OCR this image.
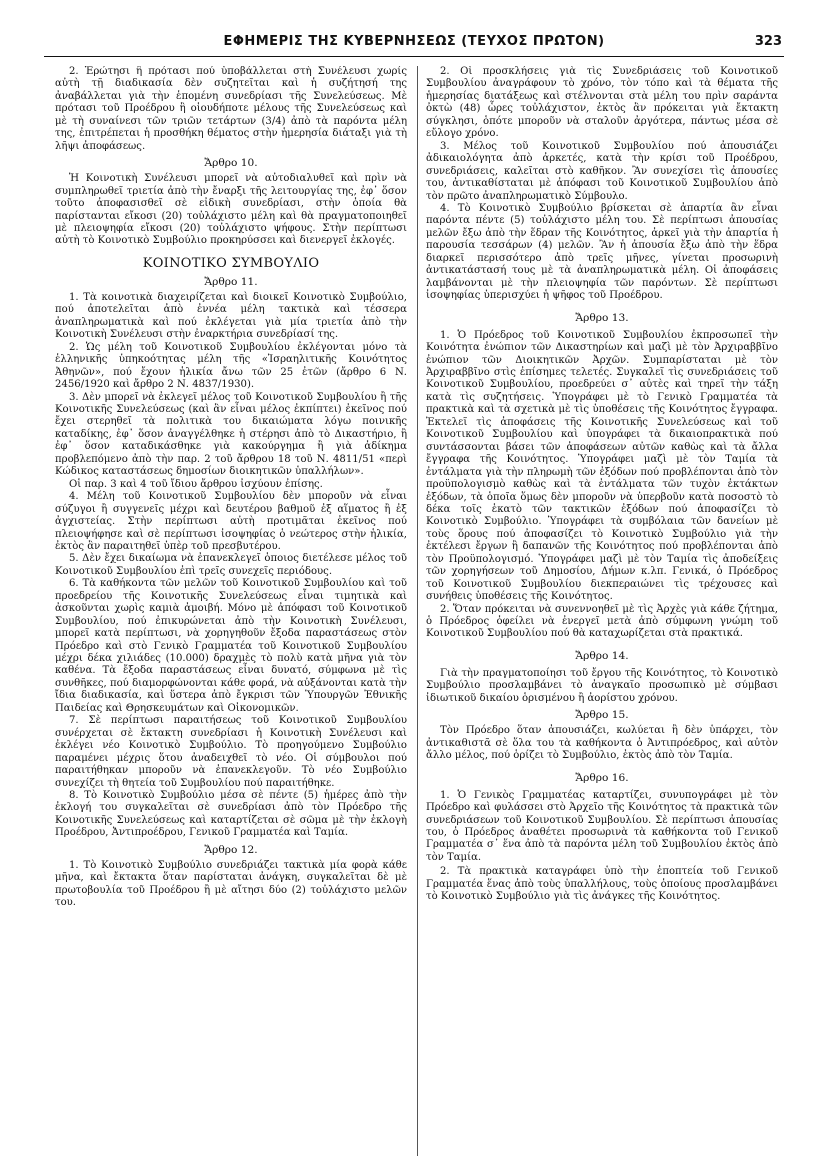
ΕΦΗΜΕΡΙΣ ΤΗΣ ΚΥΒΕΡΝΗΣΕΩΣ (ΤΕΥΧΟΣ ΠΡΩΤΟΝ)	323

2. Ἐρώτησι ἢ πρότασι πού ὑποβάλλεται στὴ Συνέλευσι χωρίς αὐτὴ τῇ διαδικασία δὲν συζητεῖται καὶ ἡ συζήτησή της ἀναβάλλεται γιὰ τὴν ἑπομένη συνεδρίασι τῆς Συνελεύσεως. Μὲ πρότασι τοῦ Προέδρου ἢ οἱουδήποτε μέλους τῆς Συνελεύσεως καὶ μὲ τὴ συναίνεσι τῶν τριῶν τετάρτων (3/4) ἀπὸ τὰ παρόντα μέλη της, ἐπιτρέπεται ἡ προσθήκη θέματος στὴν ἡμερησία διάταξι γιὰ τὴ λῆψι ἀποφάσεως.

Ἄρθρο 10.

Ἡ Κοινοτικὴ Συνέλευσι μπορεῖ νὰ αὐτοδιαλυθεῖ καὶ πρὶν νὰ συμπληρωθεῖ τριετία ἀπὸ τὴν ἔναρξι τῆς λειτουργίας της, ἐφ᾽ ὅσον τοῦτο ἀποφασισθεῖ σὲ εἰδικὴ συνεδρίασι, στὴν ὁποία θὰ παρίστανται εἴκοσι (20) τοὐλάχιστο μέλη καὶ θὰ πραγματοποιηθεῖ μὲ πλειοψηφία εἴκοσι (20) τοὐλάχιστο ψήφους. Στὴν περίπτωσι αὐτὴ τὸ Κοινοτικὸ Συμβούλιο προκηρύσσει καὶ διενεργεῖ ἐκλογές.

ΚΟΙΝΟΤΙΚΟ ΣΥΜΒΟΥΛΙΟ
Ἄρθρο 11.

1. Τὰ κοινοτικὰ διαχειρίζεται καὶ διοικεῖ Κοινοτικὸ Συμβούλιο, πού ἀποτελεῖται ἀπὸ ἐννέα μέλη τακτικὰ καὶ τέσσερα ἀναπληρωματικὰ καὶ πού ἐκλέγεται γιὰ μία τριετία ἀπὸ τὴν Κοινοτικὴ Συνέλευσι στὴν ἐναρκτήρια συνεδρίασί της.

2. Ὡς μέλη τοῦ Κοινοτικοῦ Συμβουλίου ἐκλέγονται μόνο τὰ ἑλληνικῆς ὑπηκοότητας μέλη τῆς «Ἰσραηλιτικῆς Κοινότητος Ἀθηνῶν», πού ἔχουν ἡλικία ἄνω τῶν 25 ἐτῶν (ἄρθρο 6 Ν. 2456/1920 καὶ ἄρθρο 2 Ν. 4837/1930).

3. Δὲν μπορεῖ νὰ ἐκλεγεῖ μέλος τοῦ Κοινοτικοῦ Συμβουλίου ἢ τῆς Κοινοτικῆς Συνελεύσεως (καὶ ἂν εἶναι μέλος ἐκπίπτει) ἐκεῖνος πού ἔχει στερηθεῖ τὰ πολιτικὰ του δικαιώματα λόγω ποινικῆς καταδίκης, ἐφ᾽ ὅσον ἀναγγέλθηκε ἡ στέρησι ἀπὸ τὸ Δικαστήριο, ἢ ἐφ᾽ ὅσον καταδικάσθηκε γιὰ κακούργημα ἢ γιὰ ἀδίκημα προβλεπόμενο ἀπὸ τὴν παρ. 2 τοῦ ἄρθρου 18 τοῦ Ν. 4811/51 «περὶ Κώδικος καταστάσεως δημοσίων διοικητικῶν ὑπαλλήλων».

Οἱ παρ. 3 καὶ 4 τοῦ ἴδιου ἄρθρου ἰσχύουν ἐπίσης.

4. Μέλη τοῦ Κοινοτικοῦ Συμβουλίου δὲν μποροῦν νὰ εἶναι σύζυγοι ἢ συγγενεῖς μέχρι καὶ δευτέρου βαθμοῦ ἐξ αἵματος ἢ ἐξ ἀγχιστείας. Στὴν περίπτωσι αὐτὴ προτιμᾶται ἐκεῖνος πού πλειοψήφησε καὶ σὲ περίπτωσι ἰσοψηφίας ὁ νεώτερος στὴν ἡλικία, ἐκτὸς ἂν παραιτηθεῖ ὑπὲρ τοῦ πρεσβυτέρου.

5. Δὲν ἔχει δικαίωμα νὰ ἐπανεκλεγεῖ ὁποιος διετέλεσε μέλος τοῦ Κοινοτικοῦ Συμβουλίου ἐπὶ τρεῖς συνεχεῖς περιόδους.

6. Τὰ καθήκοντα τῶν μελῶν τοῦ Κοινοτικοῦ Συμβουλίου καὶ τοῦ προεδρείου τῆς Κοινοτικῆς Συνελεύσεως εἶναι τιμητικὰ καὶ ἀσκοῦνται χωρὶς καμιὰ ἀμοιβή. Μόνο μὲ ἀπόφασι τοῦ Κοινοτικοῦ Συμβουλίου, πού ἐπικυρώνεται ἀπὸ τὴν Κοινοτικὴ Συνέλευσι, μπορεῖ κατὰ περίπτωσι, νὰ χορηγηθοῦν ἔξοδα παραστάσεως στὸν Πρόεδρο καὶ στὸ Γενικὸ Γραμματέα τοῦ Κοινοτικοῦ Συμβουλίου μέχρι δέκα χιλιάδες (10.000) δραχμὲς τὸ πολὺ κατὰ μῆνα γιὰ τὸν καθένα. Τὰ ἔξοδα παραστάσεως εἶναι δυνατό, σύμφωνα μὲ τὶς συνθῆκες, πού διαμορφώνονται κάθε φορά, νὰ αὐξάνονται κατὰ τὴν ἴδια διαδικασία, καὶ ὕστερα ἀπὸ ἔγκρισι τῶν Ὑπουργῶν Ἐθνικῆς Παιδείας καὶ Θρησκευμάτων καὶ Οἰκονομικῶν.

7. Σὲ περίπτωσι παραιτήσεως τοῦ Κοινοτικοῦ Συμβουλίου συνέρχεται σὲ ἔκτακτη συνεδρίασι ἡ Κοινοτικὴ Συνέλευσι καὶ ἐκλέγει νέο Κοινοτικὸ Συμβούλιο. Τὸ προηγούμενο Συμβούλιο παραμένει μέχρις ὅτου ἀναδειχθεῖ τὸ νέο. Οἱ σύμβουλοι πού παραιτήθηκαν μποροῦν νὰ ἐπανεκλεγοῦν. Τὸ νέο Συμβούλιο συνεχίζει τὴ θητεία τοῦ Συμβουλίου πού παραιτήθηκε.

8. Τὸ Κοινοτικὸ Συμβούλιο μέσα σὲ πέντε (5) ἡμέρες ἀπὸ τὴν ἐκλογή του συγκαλεῖται σὲ συνεδρίασι ἀπὸ τὸν Πρόεδρο τῆς Κοινοτικῆς Συνελεύσεως καὶ καταρτίζεται σὲ σῶμα μὲ τὴν ἐκλογὴ Προέδρου, Ἀντιπροέδρου, Γενικοῦ Γραμματέα καὶ Ταμία.

Ἄρθρο 12.

1. Τὸ Κοινοτικὸ Συμβούλιο συνεδριάζει τακτικὰ μία φορὰ κάθε μῆνα, καὶ ἔκτακτα ὅταν παρίσταται ἀνάγκη, συγκαλεῖται δὲ μὲ πρωτοβουλία τοῦ Προέδρου ἢ μὲ αἴτησι δύο (2) τοὐλάχιστο μελῶν του.

2. Οἱ προσκλήσεις γιὰ τὶς Συνεδριάσεις τοῦ Κοινοτικοῦ Συμβουλίου ἀναγράφουν τὸ χρόνο, τὸν τόπο καὶ τὰ θέματα τῆς ἡμερησίας διατάξεως καὶ στέλνονται στὰ μέλη του πρὶν σαράντα ὀκτὼ (48) ὧρες τοὐλάχιστον, ἐκτὸς ἂν πρόκειται γιὰ ἔκτακτη σύγκλησι, ὁπότε μποροῦν νὰ σταλοῦν ἀργότερα, πάντως μέσα σὲ εὔλογο χρόνο.

3. Μέλος τοῦ Κοινοτικοῦ Συμβουλίου πού ἀπουσιάζει ἀδικαιολόγητα ἀπὸ ἀρκετές, κατὰ τὴν κρίσι τοῦ Προέδρου, συνεδριάσεις, καλεῖται στὸ καθῆκον. Ἂν συνεχίσει τὶς ἀπουσίες του, ἀντικαθίσταται μὲ ἀπόφασι τοῦ Κοινοτικοῦ Συμβουλίου ἀπὸ τὸν πρῶτο ἀναπληρωματικὸ Σύμβουλο.

4. Τὸ Κοινοτικὸ Συμβούλιο βρίσκεται σὲ ἀπαρτία ἂν εἶναι παρόντα πέντε (5) τοὐλάχιστο μέλη του. Σὲ περίπτωσι ἀπουσίας μελῶν ἔξω ἀπὸ τὴν ἕδραν τῆς Κοινότητος, ἀρκεῖ γιὰ τὴν ἀπαρτία ἡ παρουσία τεσσάρων (4) μελῶν. Ἂν ἡ ἀπουσία ἔξω ἀπὸ τὴν ἕδρα διαρκεῖ περισσότερο ἀπὸ τρεῖς μῆνες, γίνεται προσωρινὴ ἀντικατάστασή τους μὲ τὰ ἀναπληρωματικὰ μέλη. Οἱ ἀποφάσεις λαμβάνονται μὲ τὴν πλειοψηφία τῶν παρόντων. Σὲ περίπτωσι ἰσοψηφίας ὑπερισχύει ἡ ψῆφος τοῦ Προέδρου.

Ἄρθρο 13.

1. Ὁ Πρόεδρος τοῦ Κοινοτικοῦ Συμβουλίου ἐκπροσωπεῖ τὴν Κοινότητα ἐνώπιον τῶν Δικαστηρίων καὶ μαζὶ μὲ τὸν Ἀρχιραββῖνο ἐνώπιον τῶν Διοικητικῶν Ἀρχῶν. Συμπαρίσταται μὲ τὸν Ἀρχιραββῖνο στὶς ἐπίσημες τελετές. Συγκαλεῖ τὶς συνεδριάσεις τοῦ Κοινοτικοῦ Συμβουλίου, προεδρεύει σ᾽ αὐτὲς καὶ τηρεῖ τὴν τάξη κατὰ τὶς συζητήσεις. Ὑπογράφει μὲ τὸ Γενικὸ Γραμματέα τὰ πρακτικὰ καὶ τὰ σχετικὰ μὲ τὶς ὑποθέσεις τῆς Κοινότητος ἔγγραφα. Ἐκτελεῖ τὶς ἀποφάσεις τῆς Κοινοτικῆς Συνελεύσεως καὶ τοῦ Κοινοτικοῦ Συμβουλίου καὶ ὑπογράφει τὰ δικαιοπρακτικὰ πού συντάσσονται βάσει τῶν ἀποφάσεων αὐτῶν καθὼς καὶ τὰ ἄλλα ἔγγραφα τῆς Κοινότητος. Ὑπογράφει μαζὶ μὲ τὸν Ταμία τὰ ἐντάλματα γιὰ τὴν πληρωμὴ τῶν ἐξόδων πού προβλέπονται ἀπὸ τὸν προϋπολογισμὸ καθὼς καὶ τὰ ἐντάλματα τῶν τυχὸν ἐκτάκτων ἐξόδων, τὰ ὁποῖα ὅμως δὲν μποροῦν νὰ ὑπερβοῦν κατὰ ποσοστὸ τὸ δέκα τοῖς ἑκατὸ τῶν τακτικῶν ἐξόδων πού ἀποφασίζει τὸ Κοινοτικὸ Συμβούλιο. Ὑπογράφει τὰ συμβόλαια τῶν δανείων μὲ τοὺς ὅρους πού ἀποφασίζει τὸ Κοινοτικὸ Συμβούλιο γιὰ τὴν ἐκτέλεσι ἔργων ἢ δαπανῶν τῆς Κοινότητος πού προβλέπονται ἀπὸ τὸν Προϋπολογισμό. Ὑπογράφει μαζὶ μὲ τὸν Ταμία τὶς ἀποδείξεις τῶν χορηγήσεων τοῦ Δημοσίου, Δήμων κ.λπ. Γενικά, ὁ Πρόεδρος τοῦ Κοινοτικοῦ Συμβουλίου διεκπεραιώνει τὶς τρέχουσες καὶ συνήθεις ὑποθέσεις τῆς Κοινότητος.

2. Ὅταν πρόκειται νὰ συνεννοηθεῖ μὲ τὶς Ἀρχὲς γιὰ κάθε ζήτημα, ὁ Πρόεδρος ὀφείλει νὰ ἐνεργεῖ μετὰ ἀπὸ σύμφωνη γνώμη τοῦ Κοινοτικοῦ Συμβουλίου πού θὰ καταχωρίζεται στὰ πρακτικά.

Ἄρθρο 14.

Γιὰ τὴν πραγματοποίησι τοῦ ἔργου τῆς Κοινότητος, τὸ Κοινοτικὸ Συμβούλιο προσλαμβάνει τὸ ἀναγκαῖο προσωπικὸ μὲ σύμβασι ἰδιωτικοῦ δικαίου ὁρισμένου ἢ ἀορίστου χρόνου.

Ἄρθρο 15.

Τὸν Πρόεδρο ὅταν ἀπουσιάζει, κωλύεται ἢ δὲν ὑπάρχει, τὸν ἀντικαθιστᾶ σὲ ὅλα του τὰ καθήκοντα ὁ Ἀντιπρόεδρος, καὶ αὐτὸν ἄλλο μέλος, πού ὁρίζει τὸ Συμβούλιο, ἐκτὸς ἀπὸ τὸν Ταμία.

Ἄρθρο 16.

1. Ὁ Γενικὸς Γραμματέας καταρτίζει, συνυπογράφει μὲ τὸν Πρόεδρο καὶ φυλάσσει στὸ Ἀρχεῖο τῆς Κοινότητος τὰ πρακτικὰ τῶν συνεδριάσεων τοῦ Κοινοτικοῦ Συμβουλίου. Σὲ περίπτωσι ἀπουσίας του, ὁ Πρόεδρος ἀναθέτει προσωρινὰ τὰ καθήκοντα τοῦ Γενικοῦ Γραμματέα σ᾽ ἕνα ἀπὸ τὰ παρόντα μέλη τοῦ Συμβουλίου ἐκτὸς ἀπὸ τὸν Ταμία.

2. Τὰ πρακτικὰ καταγράφει ὑπὸ τὴν ἐποπτεία τοῦ Γενικοῦ Γραμματέα ἕνας ἀπὸ τοὺς ὑπαλλήλους, τοὺς ὁποίους προσλαμβάνει τὸ Κοινοτικὸ Συμβούλιο γιὰ τὶς ἀνάγκες τῆς Κοινότητος.
